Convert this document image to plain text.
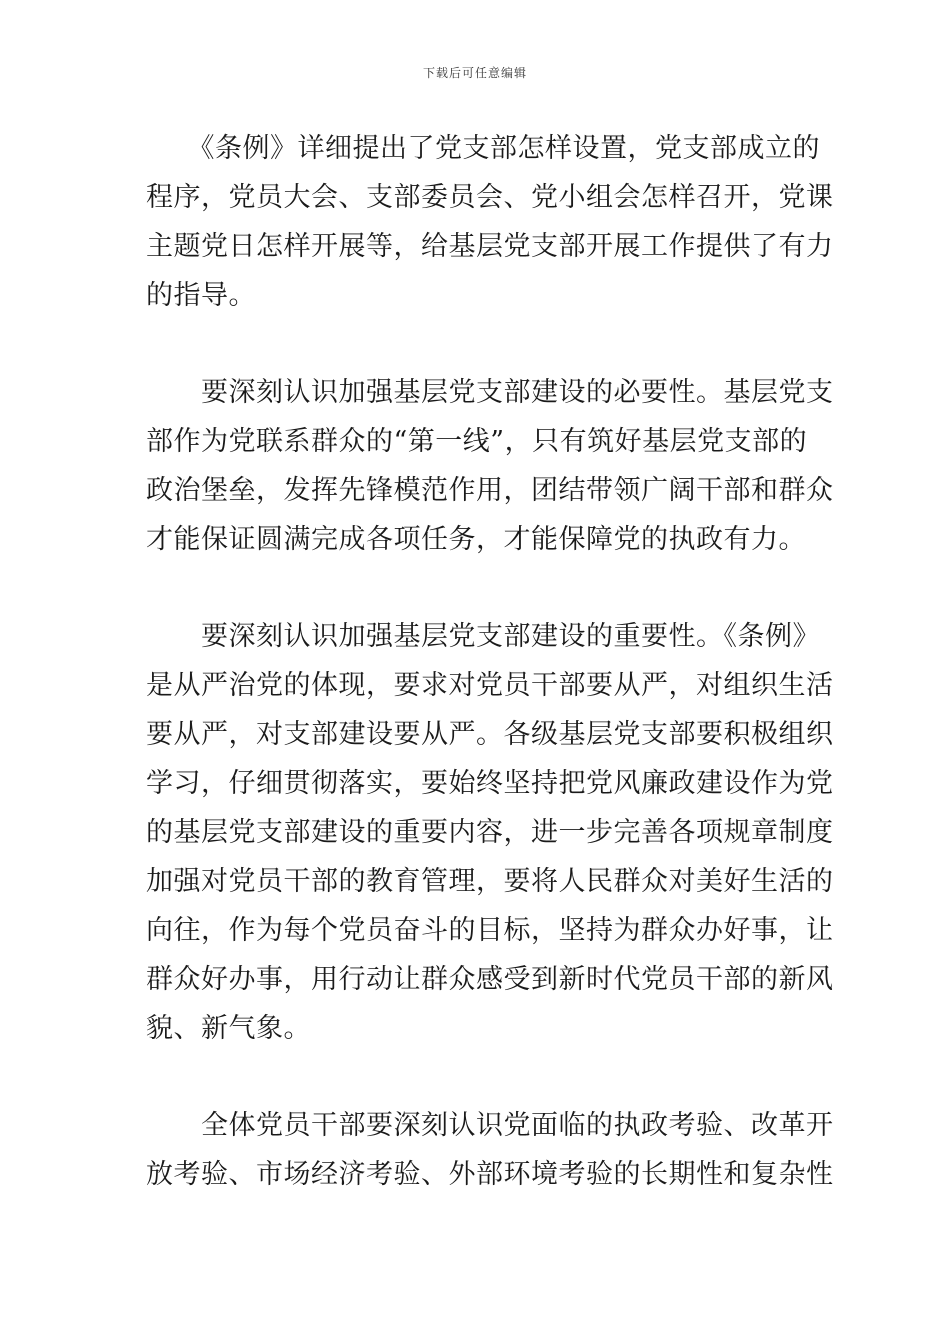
下载后可任意编辑
　　《条例》详细提出了党支部怎样设置，党支部成立的
程序，党员大会、支部委员会、党小组会怎样召开，党课
主题党日怎样开展等，给基层党支部开展工作提供了有力
的指导。
　　要深刻认识加强基层党支部建设的必要性。基层党支
部作为党联系群众的“第一线”，只有筑好基层党支部的
政治堡垒，发挥先锋模范作用，团结带领广阔干部和群众
才能保证圆满完成各项任务，才能保障党的执政有力。
　　要深刻认识加强基层党支部建设的重要性。《条例》
是从严治党的体现，要求对党员干部要从严，对组织生活
要从严，对支部建设要从严。各级基层党支部要积极组织
学习，仔细贯彻落实，要始终坚持把党风廉政建设作为党
的基层党支部建设的重要内容，进一步完善各项规章制度
加强对党员干部的教育管理，要将人民群众对美好生活的
向往，作为每个党员奋斗的目标，坚持为群众办好事，让
群众好办事，用行动让群众感受到新时代党员干部的新风
貌、新气象。
　　全体党员干部要深刻认识党面临的执政考验、改革开
放考验、市场经济考验、外部环境考验的长期性和复杂性
